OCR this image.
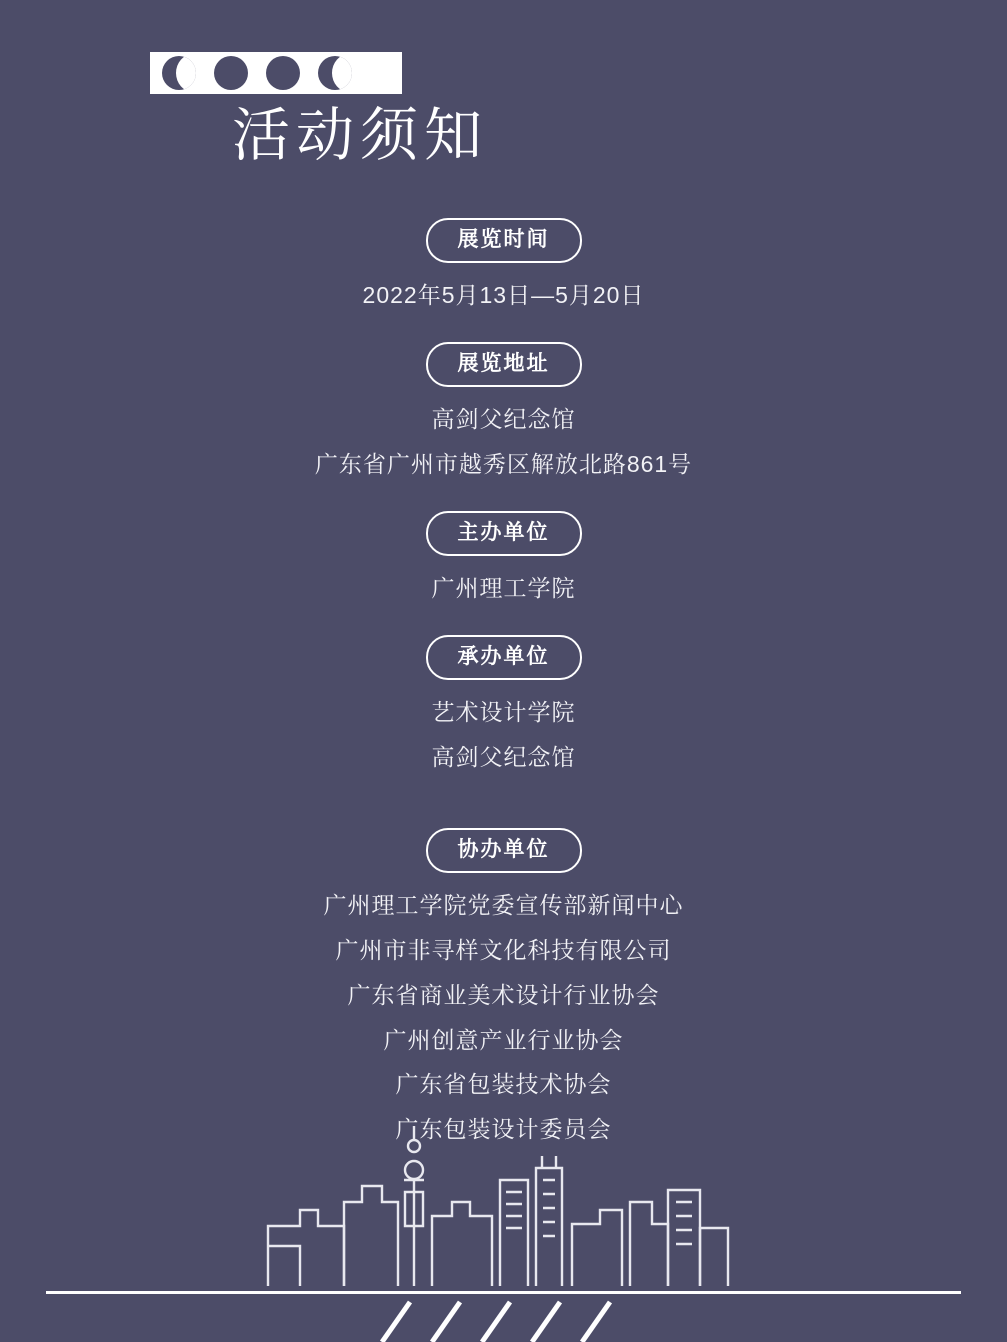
活动须知
展览时间
2022年5月13日—5月20日
展览地址
高剑父纪念馆
广东省广州市越秀区解放北路861号
主办单位
广州理工学院
承办单位
艺术设计学院
高剑父纪念馆
协办单位
广州理工学院党委宣传部新闻中心
广州市非寻样文化科技有限公司
广东省商业美术设计行业协会
广州创意产业行业协会
广东省包装技术协会
广东包装设计委员会
